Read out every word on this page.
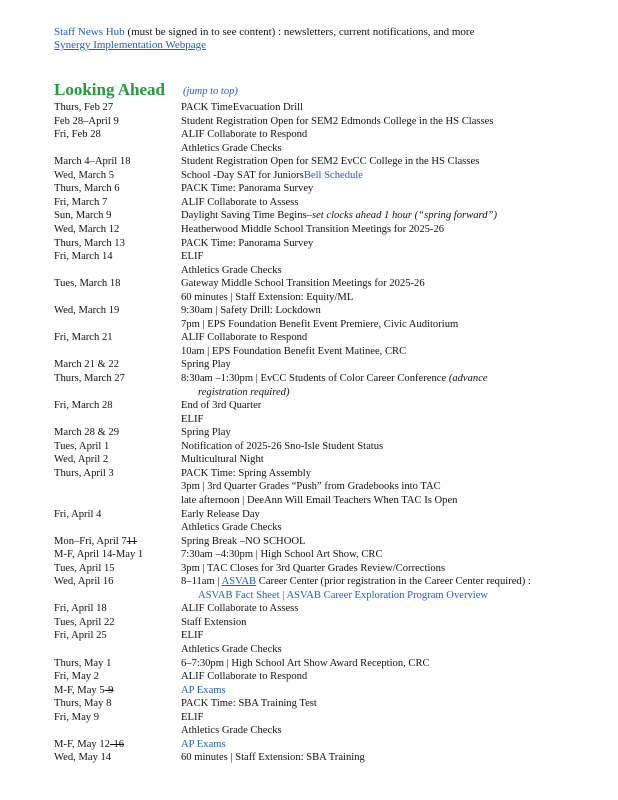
Staff News Hub (must be signed in to see content) : newsletters, current notifications, and more
Synergy Implementation Webpage
Looking Ahead (jump to top)
Thurs, Feb 27	PACK TimeEvacuation Drill
Feb 28–April 9	Student Registration Open for SEM2 Edmonds College in the HS Classes
Fri, Feb 28	ALIF Collaborate to Respond
Athletics Grade Checks
March 4–April 18	Student Registration Open for SEM2 EvCC College in the HS Classes
Wed, March 5	School -Day SAT for JuniorsBell Schedule
Thurs, March 6	PACK Time: Panorama Survey
Fri, March 7	ALIF Collaborate to Assess
Sun, March 9	Daylight Saving Time Begins–set clocks ahead 1 hour (“spring forward”)
Wed, March 12	Heatherwood Middle School Transition Meetings for 2025-26
Thurs, March 13	PACK Time: Panorama Survey
Fri, March 14	ELIF
Athletics Grade Checks
Tues, March 18	Gateway Middle School Transition Meetings for 2025-26
60 minutes | Staff Extension: Equity/ML
Wed, March 19	9:30am | Safety Drill: Lockdown
7pm | EPS Foundation Benefit Event Premiere, Civic Auditorium
Fri, March 21	ALIF Collaborate to Respond
10am | EPS Foundation Benefit Event Matinee, CRC
March 21 & 22	Spring Play
Thurs, March 27	8:30am –1:30pm | EvCC Students of Color Career Conference (advance
registration required)
Fri, March 28	End of 3rd Quarter
ELIF
March 28 & 29	Spring Play
Tues, April 1	Notification of 2025-26 Sno-Isle Student Status
Wed, April 2	Multicultural Night
Thurs, April 3	PACK Time: Spring Assembly
3pm | 3rd Quarter Grades “Push” from Gradebooks into TAC
late afternoon | DeeAnn Will Email Teachers When TAC Is Open
Fri, April 4	Early Release Day
Athletics Grade Checks
Mon–Fri, April 711	Spring Break –NO SCHOOL
M-F, April 14-May 1	7:30am –4:30pm | High School Art Show, CRC
Tues, April 15	3pm | TAC Closes for 3rd Quarter Grades Review/Corrections
Wed, April 16	8–11am | ASVAB Career Center (prior registration in the Career Center required) :
ASVAB Fact Sheet | ASVAB Career Exploration Program Overview
Fri, April 18	ALIF Collaborate to Assess
Tues, April 22	Staff Extension
Fri, April 25	ELIF
Athletics Grade Checks
Thurs, May 1	6–7:30pm | High School Art Show Award Reception, CRC
Fri, May 2	ALIF Collaborate to Respond
M-F, May 5-9	AP Exams
Thurs, May 8	PACK Time: SBA Training Test
Fri, May 9	ELIF
Athletics Grade Checks
M-F, May 12-16	AP Exams
Wed, May 14	60 minutes | Staff Extension: SBA Training
